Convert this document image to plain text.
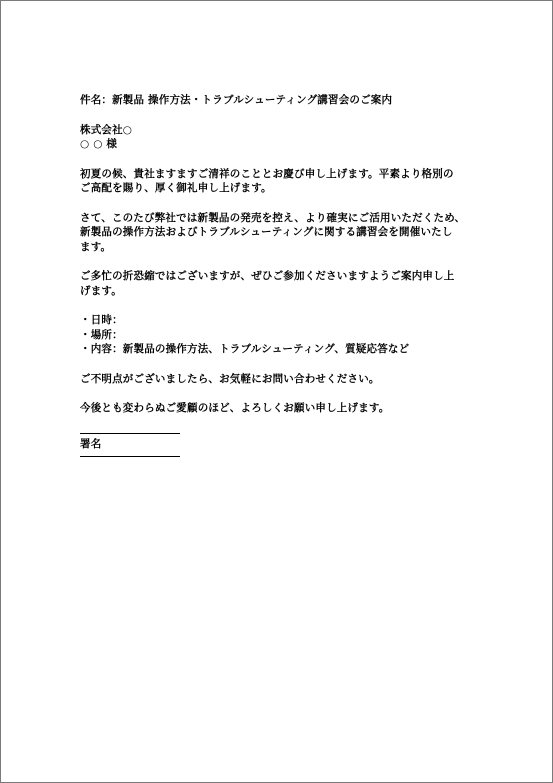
件名：新製品 操作方法・トラブルシューティング講習会のご案内
株式会社○
○ ○ 様
初夏の候、貴社ますますご清祥のこととお慶び申し上げます。平素より格別の
ご高配を賜り、厚く御礼申し上げます。
さて、このたび弊社では新製品の発売を控え、より確実にご活用いただくため、
新製品の操作方法およびトラブルシューティングに関する講習会を開催いたし
ます。
ご多忙の折恐縮ではございますが、ぜひご参加くださいますようご案内申し上
げます。
・日時：
・場所：
・内容：新製品の操作方法、トラブルシューティング、質疑応答など
ご不明点がございましたら、お気軽にお問い合わせください。
今後とも変わらぬご愛顧のほど、よろしくお願い申し上げます。
署名
